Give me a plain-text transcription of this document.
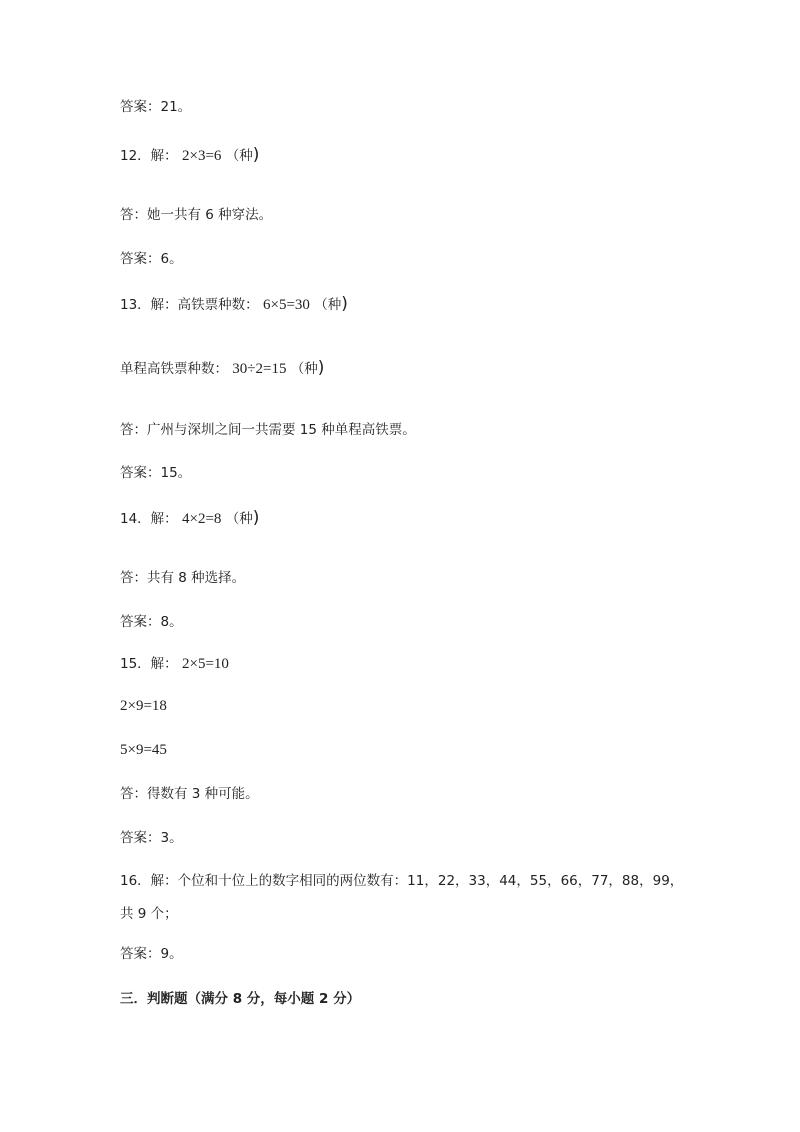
答案：21。
12．解： 2×3=6 （种)
答：她一共有 6 种穿法。
答案：6。
13．解：高铁票种数： 6×5=30 （种)
单程高铁票种数： 30÷2=15 （种)
答：广州与深圳之间一共需要 15 种单程高铁票。
答案：15。
14．解： 4×2=8 （种)
答：共有 8 种选择。
答案：8。
15．解： 2×5=10
2×9=18
5×9=45
答：得数有 3 种可能。
答案：3。
16．解：个位和十位上的数字相同的两位数有：11，22，33，44，55，66，77，88，99，
共 9 个；
答案：9。
三．判断题（满分 8 分，每小题 2 分）
